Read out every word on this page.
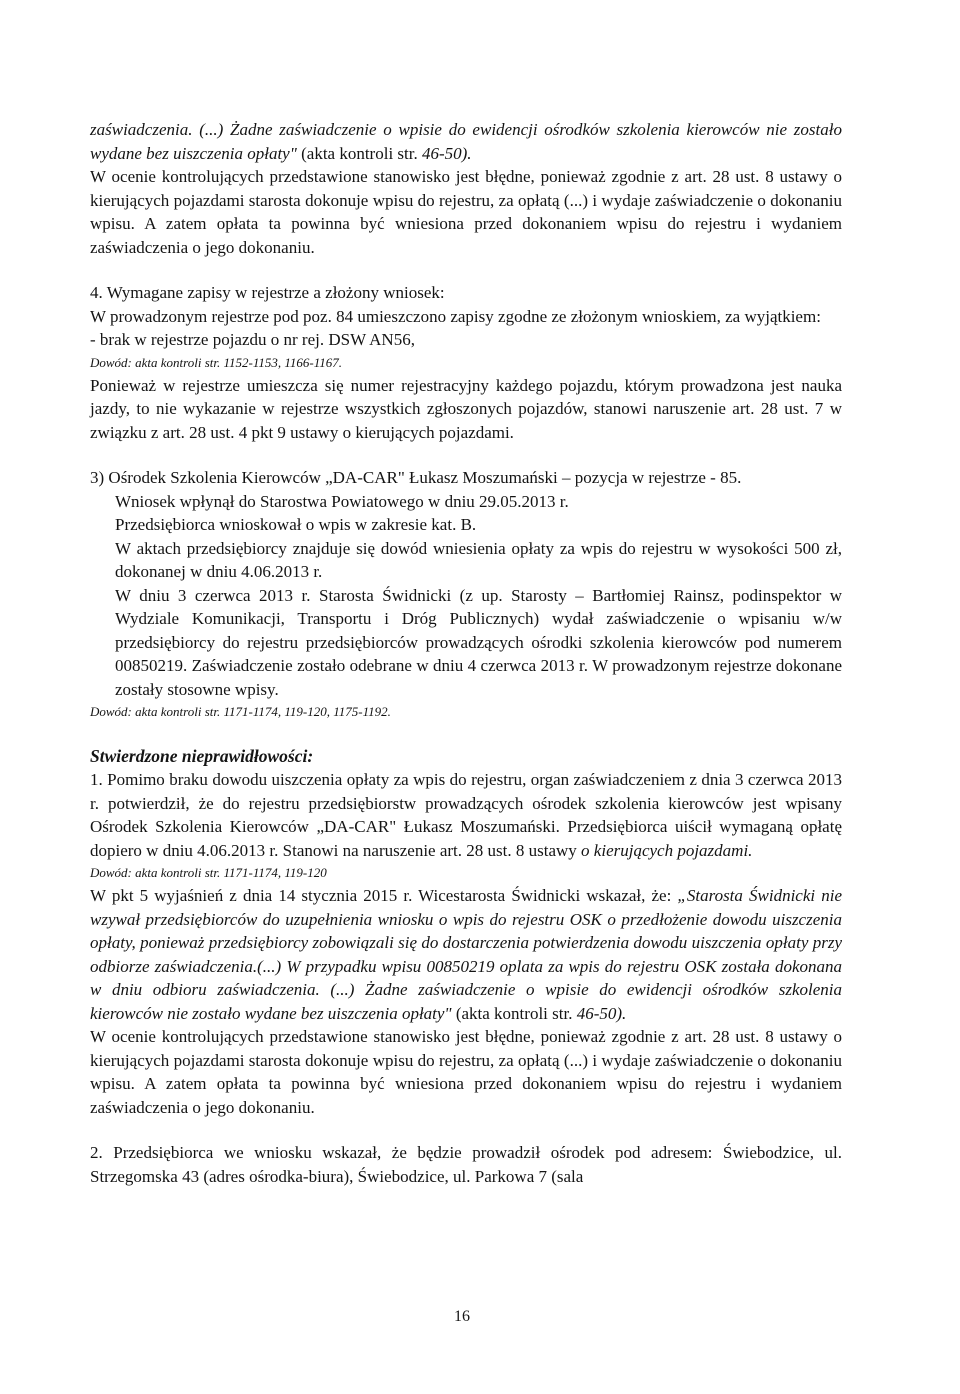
zaświadczenia. (...) Żadne zaświadczenie o wpisie do ewidencji ośrodków szkolenia kierowców nie zostało wydane bez uiszczenia opłaty" (akta kontroli str. 46-50).

W ocenie kontrolujących przedstawione stanowisko jest błędne, ponieważ zgodnie z art. 28 ust. 8 ustawy o kierujących pojazdami starosta dokonuje wpisu do rejestru, za opłatą (...) i wydaje zaświadczenie o dokonaniu wpisu. A zatem opłata ta powinna być wniesiona przed dokonaniem wpisu do rejestru i wydaniem zaświadczenia o jego dokonaniu.

4. Wymagane zapisy w rejestrze a złożony wniosek:

W prowadzonym rejestrze pod poz. 84 umieszczono zapisy zgodne ze złożonym wnioskiem, za wyjątkiem:

- brak w rejestrze pojazdu o nr rej. DSW AN56,

Dowód: akta kontroli str. 1152-1153, 1166-1167.

Ponieważ w rejestrze umieszcza się numer rejestracyjny każdego pojazdu, którym prowadzona jest nauka jazdy, to nie wykazanie w rejestrze wszystkich zgłoszonych pojazdów, stanowi naruszenie art. 28 ust. 7 w związku z art. 28 ust. 4 pkt 9 ustawy o kierujących pojazdami.

3) Ośrodek Szkolenia Kierowców „DA-CAR" Łukasz Moszumański – pozycja w rejestrze - 85.

Wniosek wpłynął do Starostwa Powiatowego w dniu 29.05.2013 r.

Przedsiębiorca wnioskował o wpis w zakresie kat. B.

W aktach przedsiębiorcy znajduje się dowód wniesienia opłaty za wpis do rejestru w wysokości 500 zł, dokonanej w dniu 4.06.2013 r.

W dniu 3 czerwca 2013 r. Starosta Świdnicki (z up. Starosty – Bartłomiej Rainsz, podinspektor w Wydziale Komunikacji, Transportu i Dróg Publicznych) wydał zaświadczenie o wpisaniu w/w przedsiębiorcy do rejestru przedsiębiorców prowadzących ośrodki szkolenia kierowców pod numerem 00850219. Zaświadczenie zostało odebrane w dniu 4 czerwca 2013 r. W prowadzonym rejestrze dokonane zostały stosowne wpisy.

Dowód: akta kontroli str. 1171-1174, 119-120, 1175-1192.

Stwierdzone nieprawidłowości:

1. Pomimo braku dowodu uiszczenia opłaty za wpis do rejestru, organ zaświadczeniem z dnia 3 czerwca 2013 r. potwierdził, że do rejestru przedsiębiorstw prowadzących ośrodek szkolenia kierowców jest wpisany Ośrodek Szkolenia Kierowców „DA-CAR" Łukasz Moszumański. Przedsiębiorca uiścił wymaganą opłatę dopiero w dniu 4.06.2013 r. Stanowi na naruszenie art. 28 ust. 8 ustawy o kierujących pojazdami.

Dowód: akta kontroli str. 1171-1174, 119-120

W pkt 5 wyjaśnień z dnia 14 stycznia 2015 r. Wicestarosta Świdnicki wskazał, że: „Starosta Świdnicki nie wzywał przedsiębiorców do uzupełnienia wniosku o wpis do rejestru OSK o przedłożenie dowodu uiszczenia opłaty, ponieważ przedsiębiorcy zobowiązali się do dostarczenia potwierdzenia dowodu uiszczenia opłaty przy odbiorze zaświadczenia.(...) W przypadku wpisu 00850219 oplata za wpis do rejestru OSK została dokonana w dniu odbioru zaświadczenia. (...) Żadne zaświadczenie o wpisie do ewidencji ośrodków szkolenia kierowców nie zostało wydane bez uiszczenia opłaty" (akta kontroli str. 46-50).

W ocenie kontrolujących przedstawione stanowisko jest błędne, ponieważ zgodnie z art. 28 ust. 8 ustawy o kierujących pojazdami starosta dokonuje wpisu do rejestru, za opłatą (...) i wydaje zaświadczenie o dokonaniu wpisu. A zatem opłata ta powinna być wniesiona przed dokonaniem wpisu do rejestru i wydaniem zaświadczenia o jego dokonaniu.

2. Przedsiębiorca we wniosku wskazał, że będzie prowadził ośrodek pod adresem: Świebodzice, ul. Strzegomska 43 (adres ośrodka-biura), Świebodzice, ul. Parkowa 7 (sala

16
